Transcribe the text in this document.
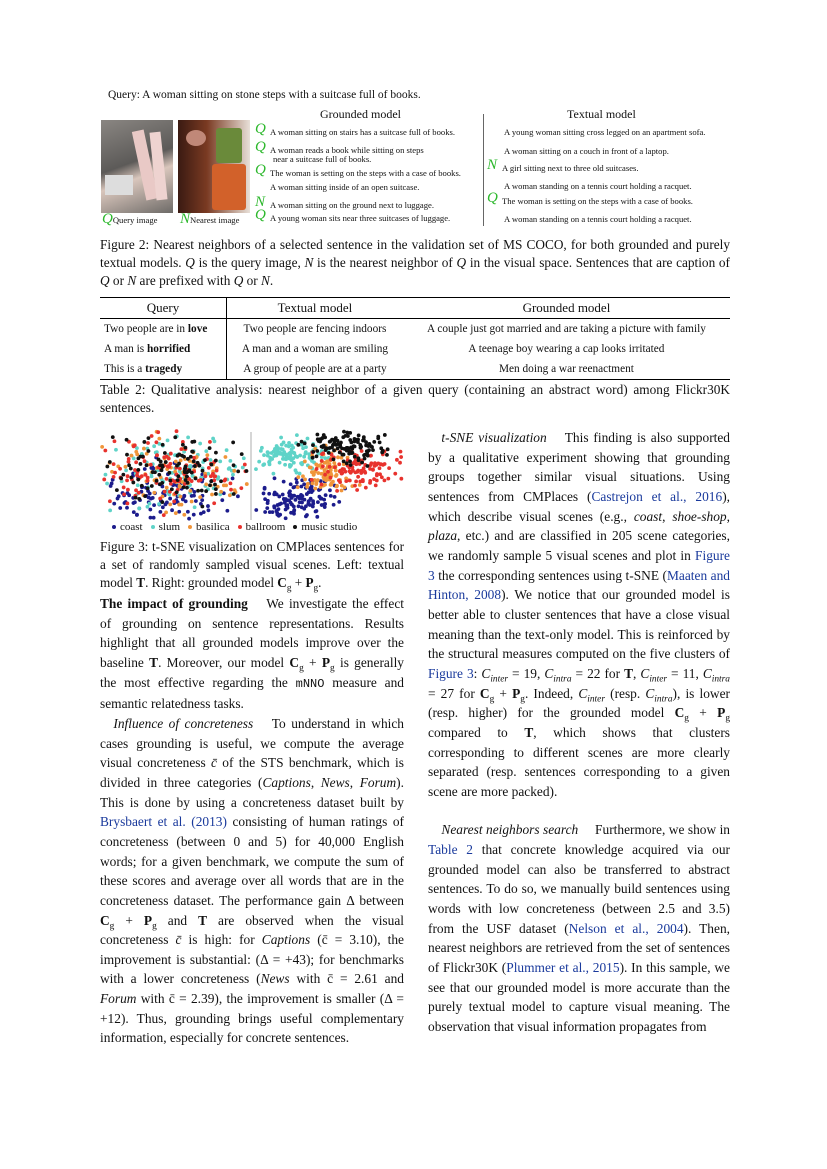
Query: A woman sitting on stone steps with a suitcase full of books.
Grounded model	Textual model
QQuery image NNearest image
Q A woman sitting on stairs has a suitcase full of books.
Q A woman reads a book while sitting on steps
near a suitcase full of books.
Q The woman is setting on the steps with a case of books.
A woman sitting inside of an open suitcase.
N A woman sitting on the ground next to luggage.
Q A young woman sits near three suitcases of luggage.
A young woman sitting cross legged on an apartment sofa.
A woman sitting on a couch in front of a laptop.
N A girl sitting next to three old suitcases.
A woman standing on a tennis court holding a racquet.
Q The woman is setting on the steps with a case of books.
A woman standing on a tennis court holding a racquet.
Figure 2: Nearest neighbors of a selected sentence in the validation set of MS COCO, for both grounded and purely textual models. Q is the query image, N is the nearest neighbor of Q in the visual space. Sentences that are caption of Q or N are prefixed with Q or N.
Query	Textual model	Grounded model
Two people are in love	Two people are fencing indoors	A couple just got married and are taking a picture with family
A man is horrified	A man and a woman are smiling	A teenage boy wearing a cap looks irritated
This is a tragedy	A group of people are at a party	Men doing a war reenactment
Table 2: Qualitative analysis: nearest neighbor of a given query (containing an abstract word) among Flickr30K sentences.
coast slum basilica ballroom music studio
Figure 3: t-SNE visualization on CMPlaces sentences for a set of randomly sampled visual scenes. Left: textual model T. Right: grounded model $C_g + P_g$.

The impact of grounding  We investigate the effect of grounding on sentence representations. Results highlight that all grounded models improve over the baseline T. Moreover, our model $C_g + P_g$ is generally the most effective regarding the mNNO measure and semantic relatedness tasks.

 Influence of concreteness  To understand in which cases grounding is useful, we compute the average visual concreteness c̄ of the STS benchmark, which is divided in three categories (Captions, News, Forum). This is done by using a concreteness dataset built by Brysbaert et al. (2013) consisting of human ratings of concreteness (between 0 and 5) for 40,000 English words; for a given benchmark, we compute the sum of these scores and average over all words that are in the concreteness dataset. The performance gain Δ between $C_g + P_g$ and T are observed when the visual concreteness c̄ is high: for Captions (c̄ = 3.10), the improvement is substantial: (Δ = +43); for benchmarks with a lower concreteness (News with c̄ = 2.61 and Forum with c̄ = 2.39), the improvement is smaller (Δ = +12). Thus, grounding brings useful complementary information, especially for concrete sentences.

 t-SNE visualization  This finding is also supported by a qualitative experiment showing that grounding groups together similar visual situations. Using sentences from CMPlaces (Castrejon et al., 2016), which describe visual scenes (e.g., coast, shoe-shop, plaza, etc.) and are classified in 205 scene categories, we randomly sample 5 visual scenes and plot in Figure 3 the corresponding sentences using t-SNE (Maaten and Hinton, 2008). We notice that our grounded model is better able to cluster sentences that have a close visual meaning than the text-only model. This is reinforced by the structural measures computed on the five clusters of Figure 3: $C_{inter} = 19$, $C_{intra} = 22$ for T, $C_{inter} = 11$, $C_{intra} = 27$ for $C_g + P_g$. Indeed, $C_{inter}$ (resp. $C_{intra}$), is lower (resp. higher) for the grounded model $C_g + P_g$ compared to T, which shows that clusters corresponding to different scenes are more clearly separated (resp. sentences corresponding to a given scene are more packed).

 Nearest neighbors search  Furthermore, we show in Table 2 that concrete knowledge acquired via our grounded model can also be transferred to abstract sentences. To do so, we manually build sentences using words with low concreteness (between 2.5 and 3.5) from the USF dataset (Nelson et al., 2004). Then, nearest neighbors are retrieved from the set of sentences of Flickr30K (Plummer et al., 2015). In this sample, we see that our grounded model is more accurate than the purely textual model to capture visual meaning. The observation that visual information propagates from
